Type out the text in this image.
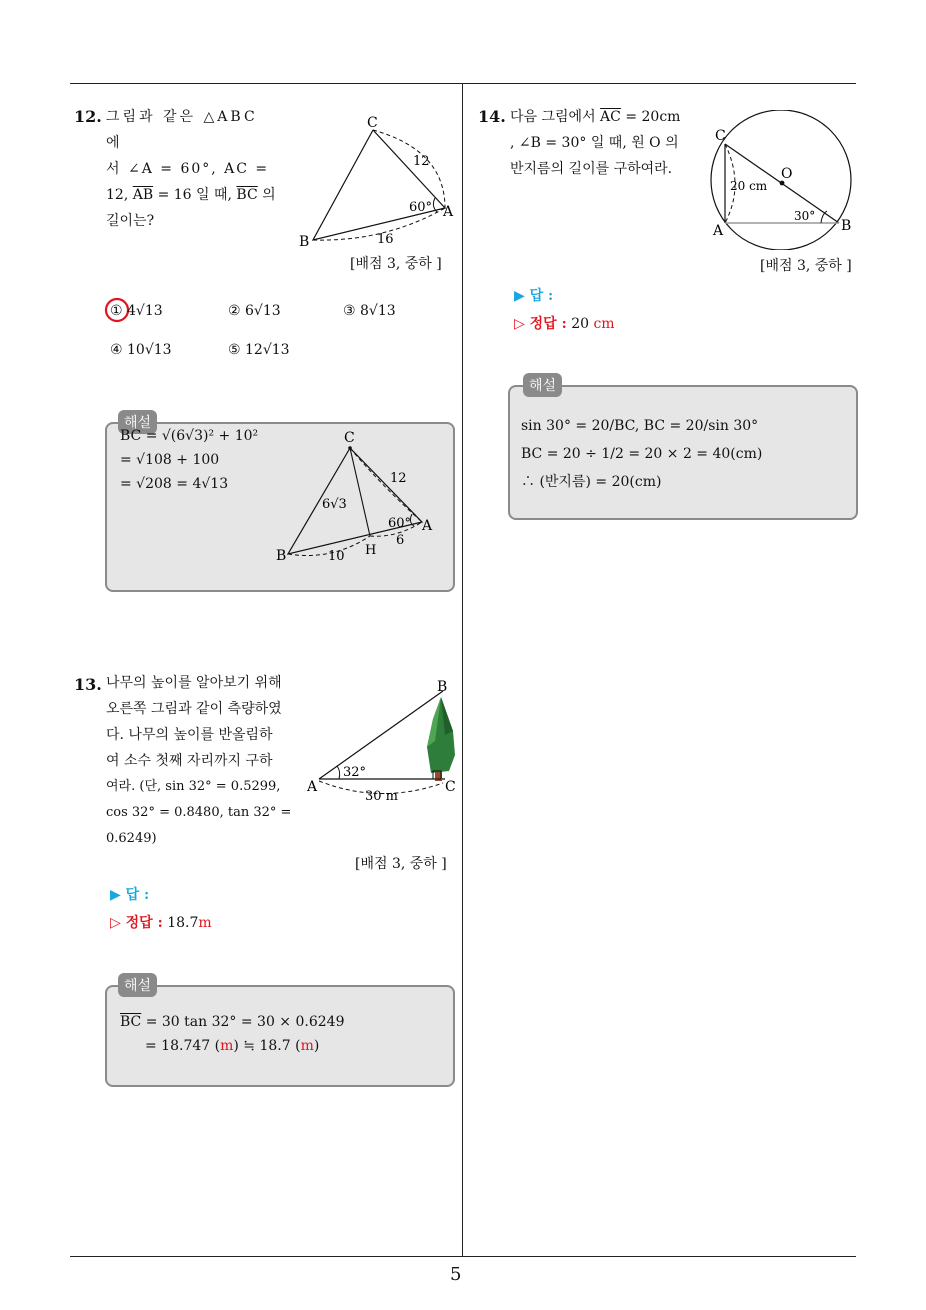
5
12. 그림과 같은 △ABC 에
서 ∠A = 60°, AC =
12, $\overline{AB} = 16$ 일 때, $\overline{BC}$ 의
길이는?
C
A
B
12
16
60°
[배점 3, 중하 ]
① 4√13	② 6√13	③ 8√13
④ 10√13	⑤ 12√13
해설
BC = √(6√3)² + 10²
= √108 + 100
= √208 = 4√13
C
A
B
12
6√3
10
6
H
60°
13. 나무의 높이를 알아보기 위해
오른쪽 그림과 같이 측량하였
다. 나무의 높이를 반올림하
여 소수 첫째 자리까지 구하
여라. (단, sin 32° = 0.5299,
cos 32° = 0.8480, tan 32° =
0.6249)
B
A	C
32°
30 m
[배점 3, 중하 ]
▶ 답 :
▷ 정답 : 18.7m
해설
$\overline{BC} = 30$ tan 32° = 30 × 0.6249
= 18.747 (m) ≒ 18.7 (m)
14. 다음 그림에서 $\overline{AC} = 20cm$
, ∠B = 30° 일 때, 원 O 의
반지름의 길이를 구하여라.
C
O
A	B
20 cm
30°
[배점 3, 중하 ]
▶ 답 :
▷ 정답 : 20 cm
해설
sin 30° = 20/BC, BC = 20/sin 30°
BC = 20 ÷ 1/2 = 20 × 2 = 40(cm)
∴ (반지름) = 20(cm)
